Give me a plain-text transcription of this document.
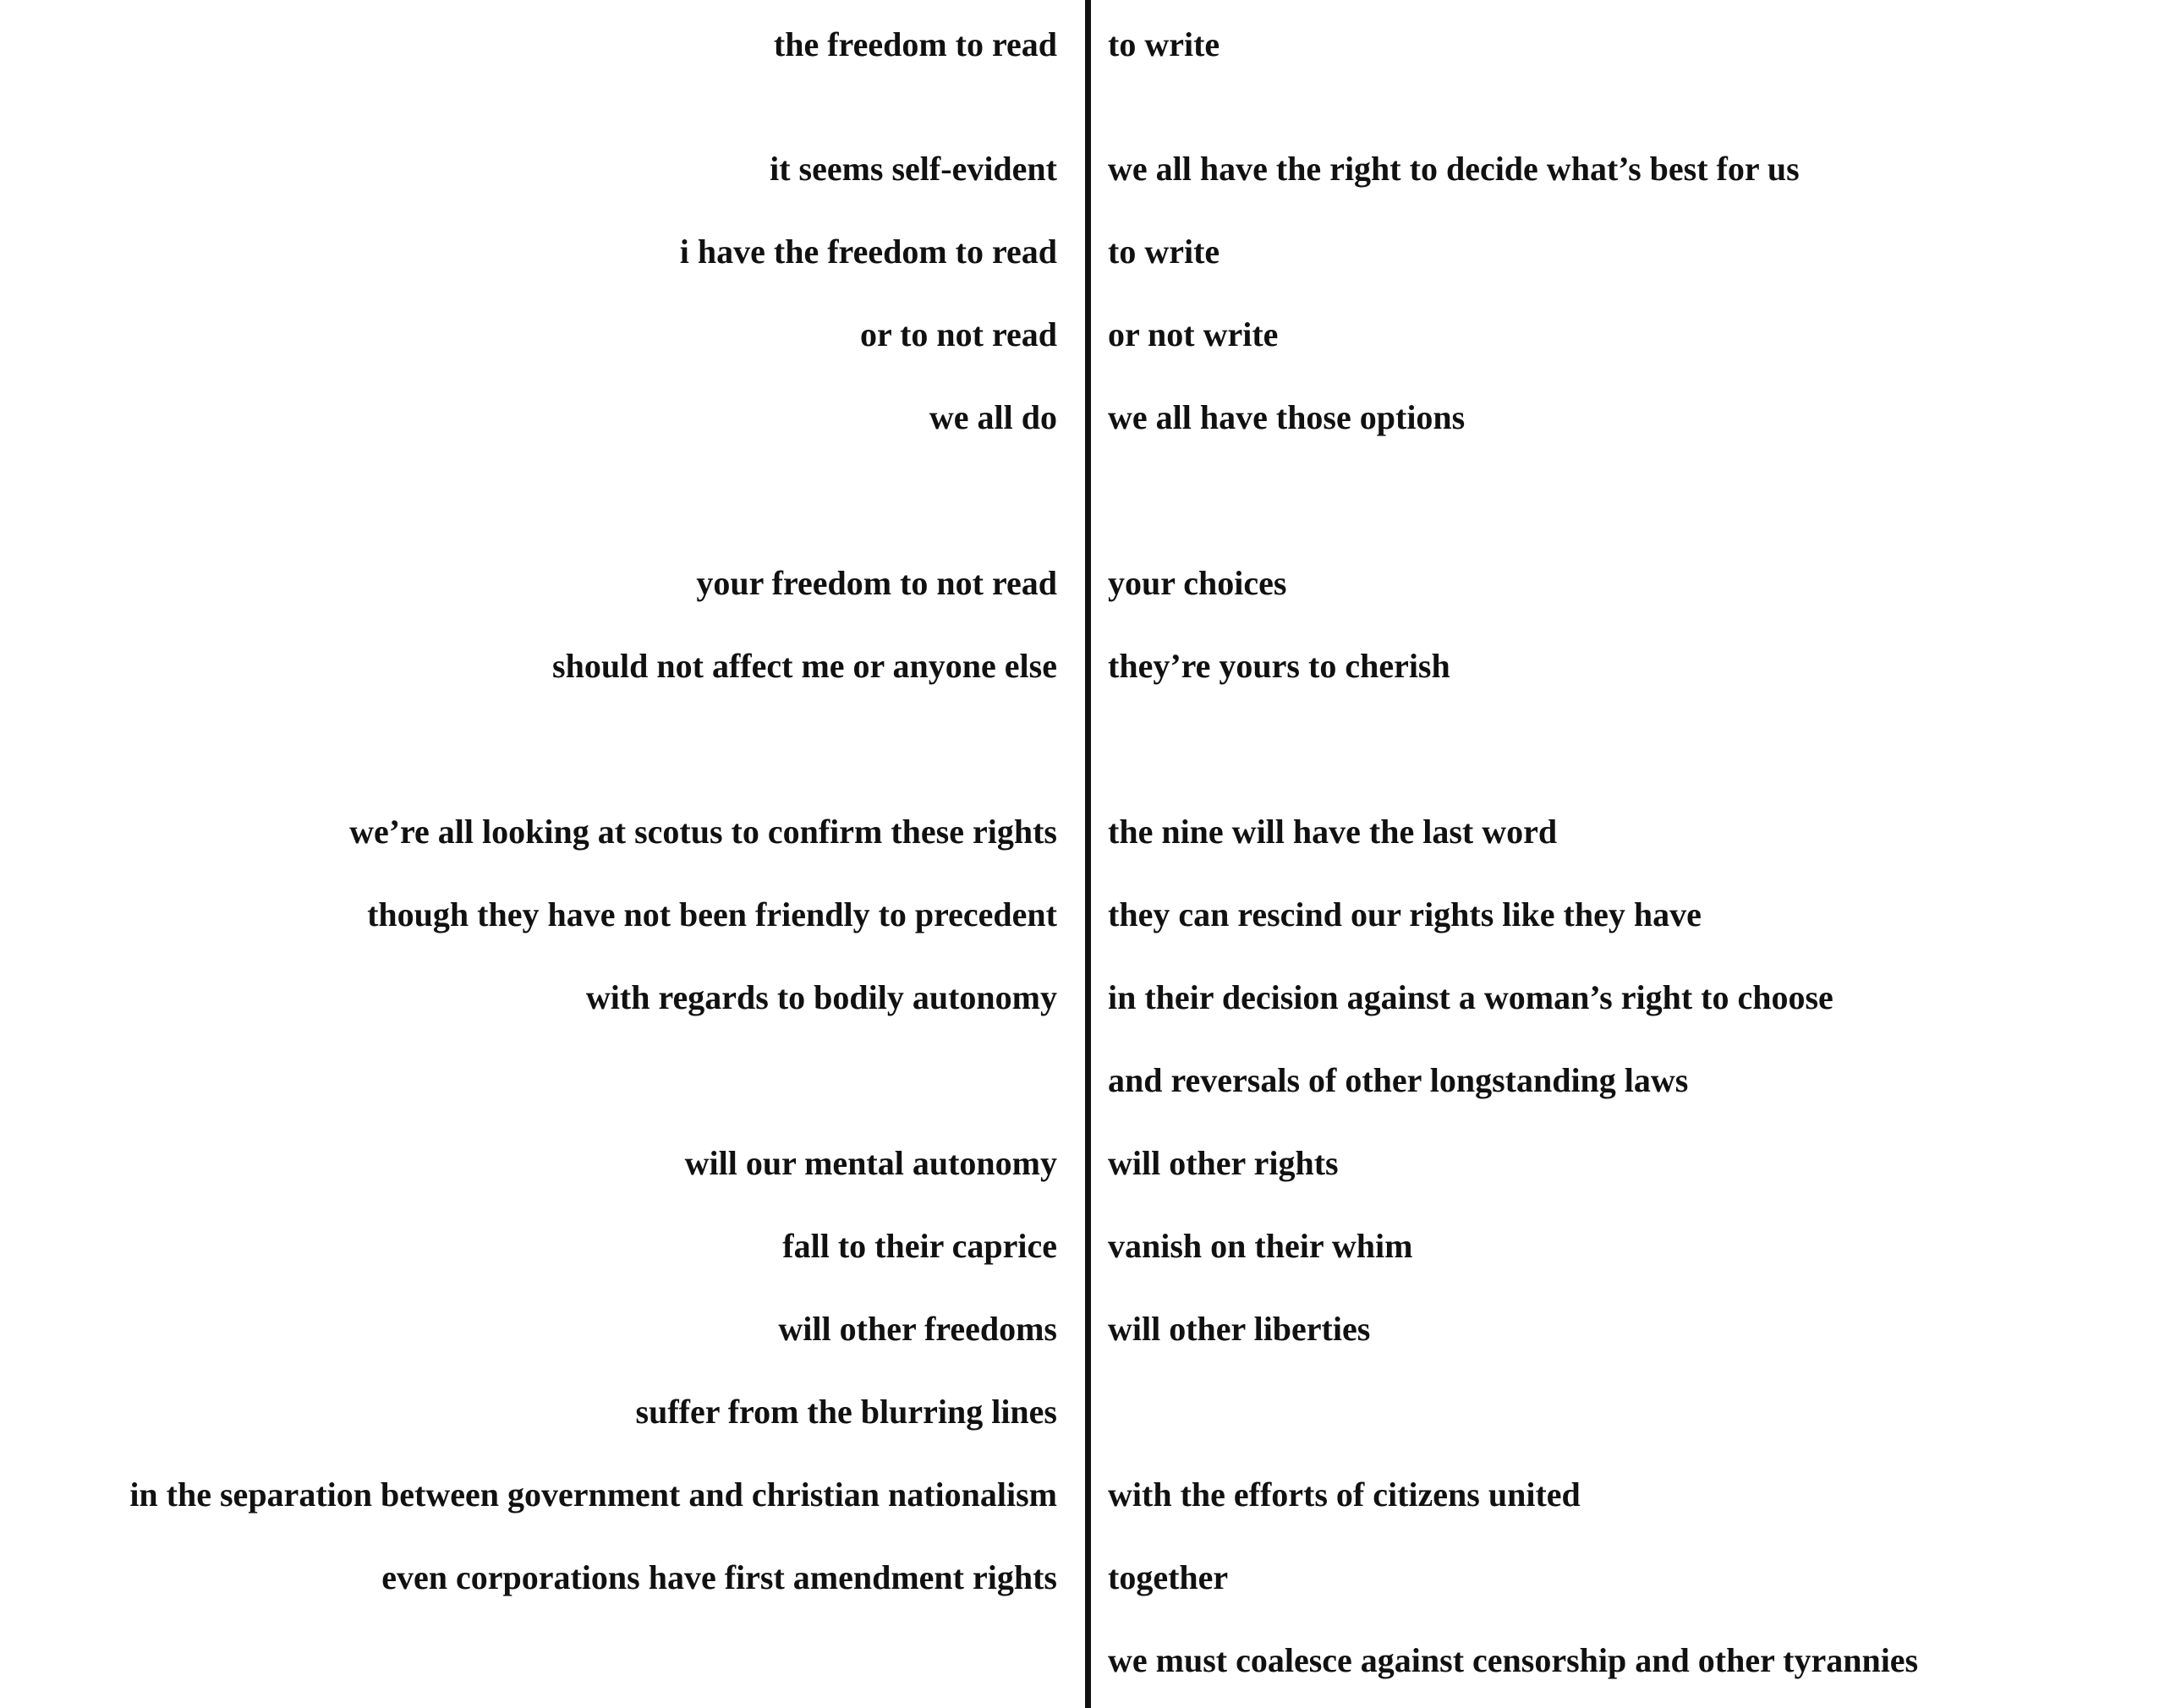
the freedom to read to write
it seems self-evident we all have the right to decide what’s best for us
i have the freedom to read to write
or to not read or not write
we all do we all have those options
your freedom to not read your choices
should not affect me or anyone else they’re yours to cherish
we’re all looking at scotus to confirm these rights the nine will have the last word
though they have not been friendly to precedent they can rescind our rights like they have
with regards to bodily autonomy in their decision against a woman’s right to choose
and reversals of other longstanding laws
will our mental autonomy will other rights
fall to their caprice vanish on their whim
will other freedoms will other liberties
suffer from the blurring lines
in the separation between government and christian nationalism with the efforts of citizens united
even corporations have first amendment rights together
we must coalesce against censorship and other tyrannies
